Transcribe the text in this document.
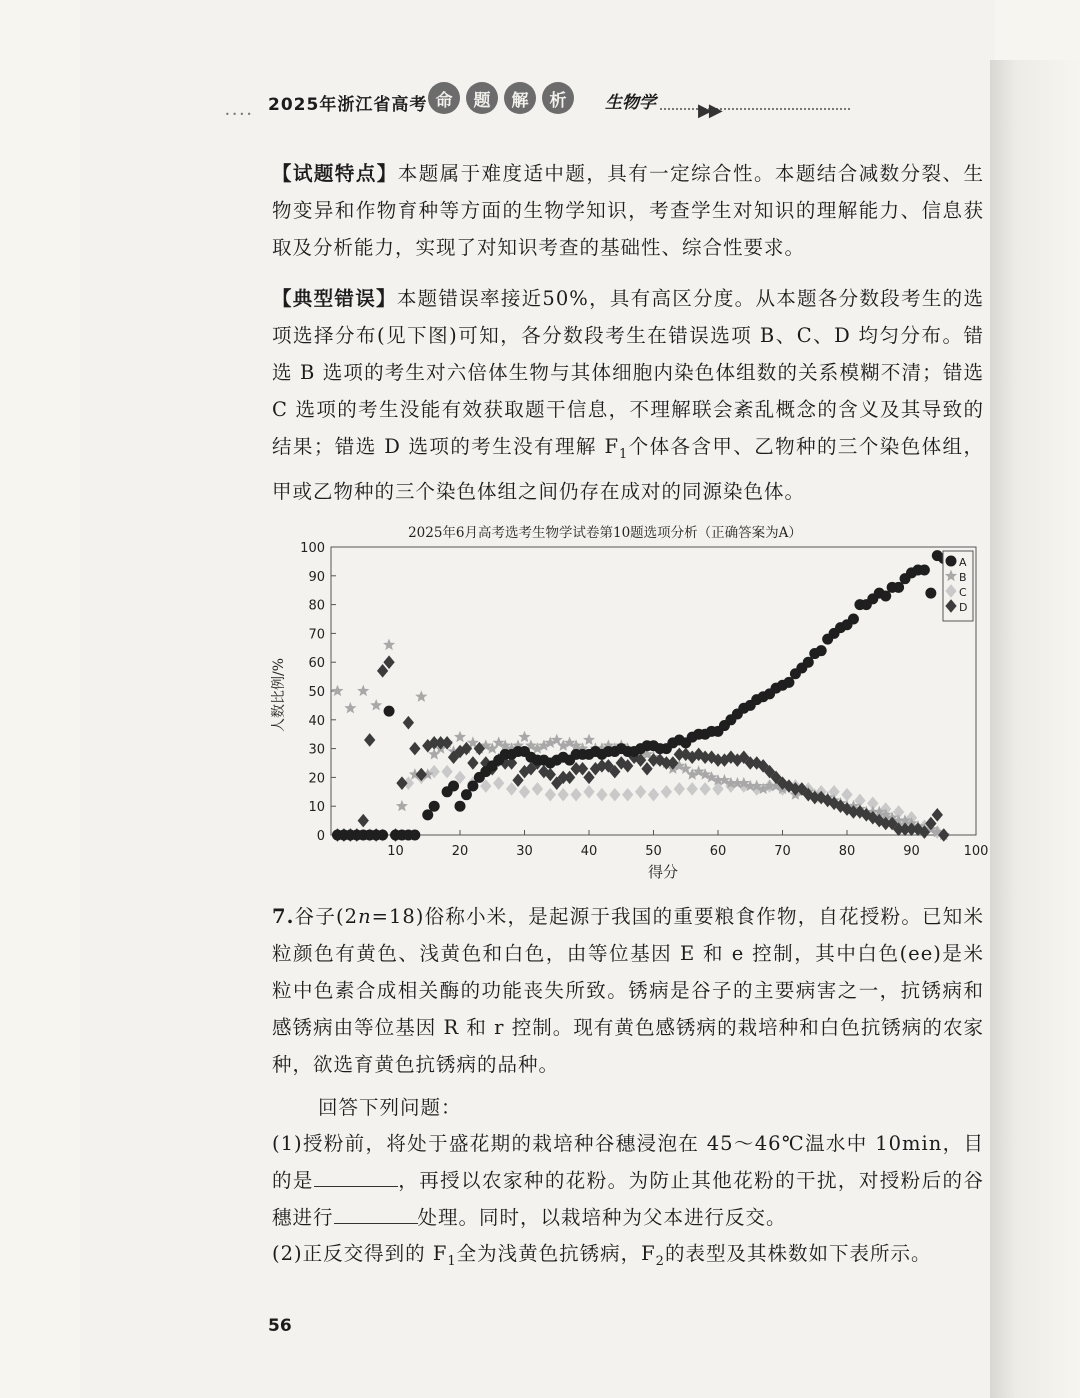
• • • • 2025年浙江省高考 命	题	解	析	生物学 ▶▶
【试题特点】本题属于难度适中题，具有一定综合性。本题结合减数分裂、生物变异和作物育种等方面的生物学知识，考查学生对知识的理解能力、信息获取及分析能力，实现了对知识考查的基础性、综合性要求。
【典型错误】本题错误率接近50%，具有高区分度。从本题各分数段考生的选项选择分布(见下图)可知，各分数段考生在错误选项 B、C、D 均匀分布。错选 B 选项的考生对六倍体生物与其体细胞内染色体组数的关系模糊不清；错选 C 选项的考生没能有效获取题干信息，不理解联会紊乱概念的含义及其导致的结果；错选 D 选项的考生没有理解 $F_1$个体各含甲、乙物种的三个染色体组，甲或乙物种的三个染色体组之间仍存在成对的同源染色体。
2025年6月高考选考生物学试卷第10题选项分析（正确答案为A）
0
10
20
30
40
50
60
70
80
90
100
10	20	30	40	50	60	70	80	90	100
人数比例/%
得分
A
B
C
D
7.谷子(2n=18)俗称小米，是起源于我国的重要粮食作物，自花授粉。已知米粒颜色有黄色、浅黄色和白色，由等位基因 E 和 e 控制，其中白色(ee)是米粒中色素合成相关酶的功能丧失所致。锈病是谷子的主要病害之一，抗锈病和感锈病由等位基因 R 和 r 控制。现有黄色感锈病的栽培种和白色抗锈病的农家种，欲选育黄色抗锈病的品种。
回答下列问题：
(1)授粉前，将处于盛花期的栽培种谷穗浸泡在 45～46℃温水中 10min，目的是	，再授以农家种的花粉。为防止其他花粉的干扰，对授粉后的谷穗进行	处理。同时，以栽培种为父本进行反交。
(2)正反交得到的 $F_1$全为浅黄色抗锈病，$F_2$的表型及其株数如下表所示。
56
